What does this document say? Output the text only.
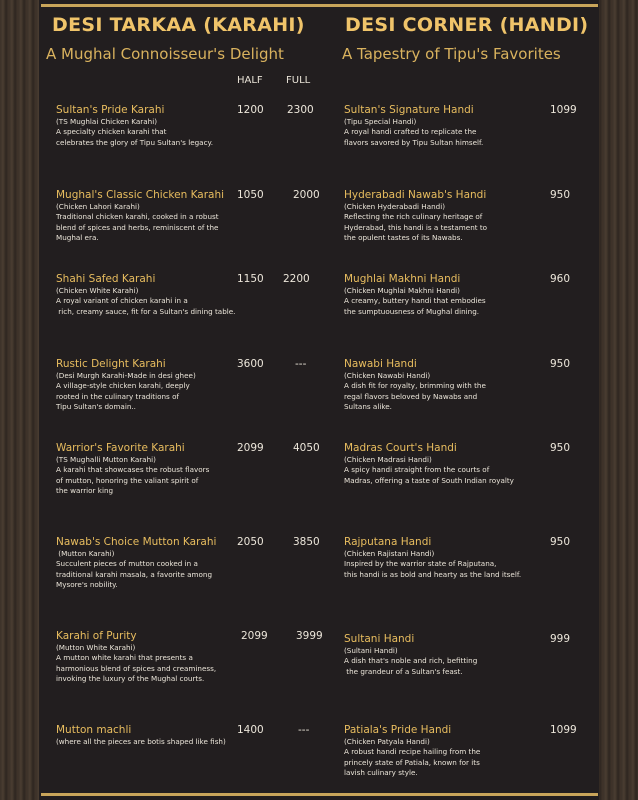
DESI TARKAA (KARAHI)
A Mughal Connoisseur's Delight
DESI CORNER (HANDI)
A Tapestry of Tipu's Favorites
HALF FULL
Sultan's Pride Karahi
(TS Mughlai Chicken Karahi)
A specialty chicken karahi that
celebrates the glory of Tipu Sultan's legacy.
1200 2300
Mughal's Classic Chicken Karahi
(Chicken Lahori Karahi)
Traditional chicken karahi, cooked in a robust
blend of spices and herbs, reminiscent of the
Mughal era.
1050	2000
Shahi Safed Karahi
(Chicken White Karahi)
A royal variant of chicken karahi in a
rich, creamy sauce, fit for a Sultan's dining table.
1150 2200
Rustic Delight Karahi
(Desi Murgh Karahi-Made in desi ghee)
A village-style chicken karahi, deeply
rooted in the culinary traditions of
Tipu Sultan's domain..
3600	---
Warrior's Favorite Karahi
(TS Mughalli Mutton Karahi)
A karahi that showcases the robust flavors
of mutton, honoring the valiant spirit of
the warrior king
2099	4050
Nawab's Choice Mutton Karahi
(Mutton Karahi)
Succulent pieces of mutton cooked in a
traditional karahi masala, a favorite among
Mysore's nobility.
2050	3850
Karahi of Purity
(Mutton White Karahi)
A mutton white karahi that presents a
harmonious blend of spices and creaminess,
invoking the luxury of the Mughal courts.
2099	3999
Mutton machli
(where all the pieces are botis shaped like fish)
1400	---
Sultan's Signature Handi
(Tipu Special Handi)
A royal handi crafted to replicate the
flavors savored by Tipu Sultan himself.
1099
Hyderabadi Nawab's Handi
(Chicken Hyderabadi Handi)
Reflecting the rich culinary heritage of
Hyderabad, this handi is a testament to
the opulent tastes of its Nawabs.
950
Mughlai Makhni Handi
(Chicken Mughlai Makhni Handi)
A creamy, buttery handi that embodies
the sumptuousness of Mughal dining.
960
Nawabi Handi
(Chicken Nawabi Handi)
A dish fit for royalty, brimming with the
regal flavors beloved by Nawabs and
Sultans alike.
950
Madras Court's Handi
(Chicken Madrasi Handi)
A spicy handi straight from the courts of
Madras, offering a taste of South Indian royalty
950
Rajputana Handi
(Chicken Rajistani Handi)
Inspired by the warrior state of Rajputana,
this handi is as bold and hearty as the land itself.
950
Sultani Handi
(Sultani Handi)
A dish that's noble and rich, befitting
the grandeur of a Sultan's feast.
999
Patiala's Pride Handi
(Chicken Patyala Handi)
A robust handi recipe hailing from the
princely state of Patiala, known for its
lavish culinary style.
1099
